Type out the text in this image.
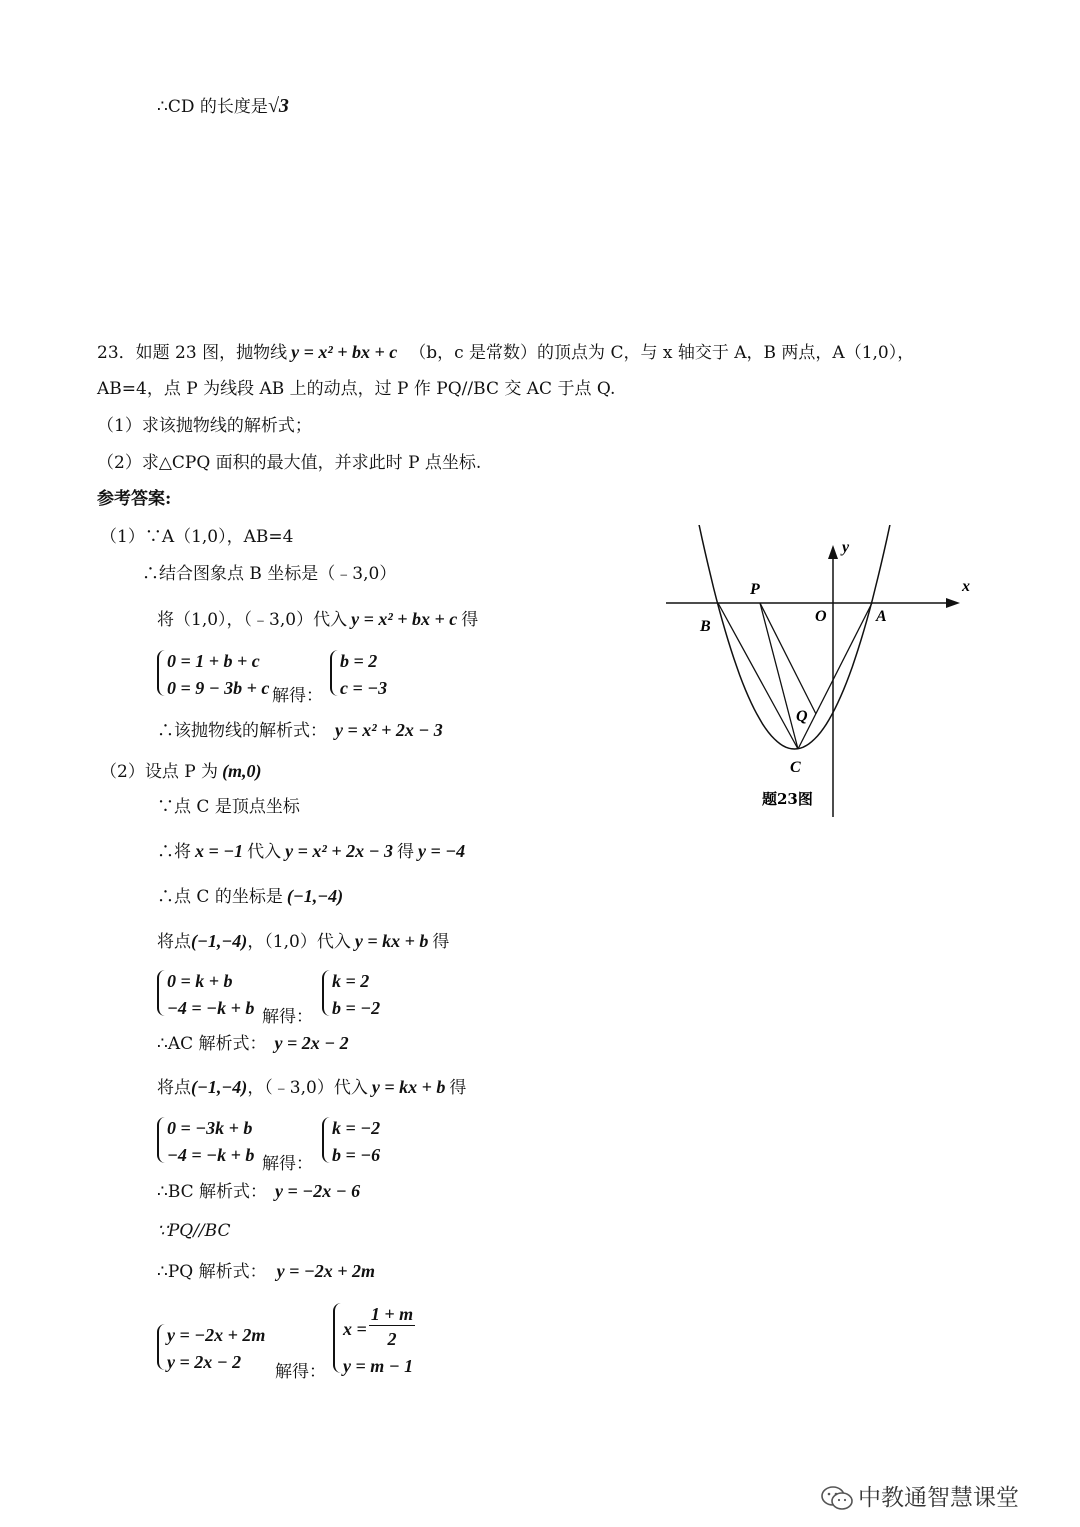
∴CD 的长度是√3
23．如题 23 图，抛物线 y = x² + bx + c （b，c 是常数）的顶点为 C，与 x 轴交于 A，B 两点，A（1,0），
AB=4，点 P 为线段 AB 上的动点，过 P 作 PQ//BC 交 AC 于点 Q.
（1）求该抛物线的解析式；
（2）求△CPQ 面积的最大值，并求此时 P 点坐标.
参考答案:
（1）∵A（1,0），AB=4
∴结合图象点 B 坐标是（﹣3,0）
将（1,0），（﹣3,0）代入 y = x² + bx + c 得
0 = 1 + b + c
0 = 9 − 3b + c 解得：
b = 2
c = −3
∴该抛物线的解析式： y = x² + 2x − 3
（2）设点 P 为 (m,0)
∵点 C 是顶点坐标
∴将 x = −1 代入 y = x² + 2x − 3 得 y = −4
∴点 C 的坐标是 (−1,−4)
将点(−1,−4)，（1,0）代入 y = kx + b 得
0 = k + b
−4 = −k + b 解得：
k = 2
b = −2
∴AC 解析式： y = 2x − 2
将点(−1,−4)，（﹣3,0）代入 y = kx + b 得
0 = −3k + b
−4 = −k + b 解得：
k = −2
b = −6
∴BC 解析式： y = −2x − 6
∵PQ//BC
∴PQ 解析式： y = −2x + 2m
y = −2x + 2m
y = 2x − 2 解得：
$x = \frac{1 + m}{2}$
y = m − 1
x
y
O	A
B
P
Q
C
题23图
中教通智慧课堂
